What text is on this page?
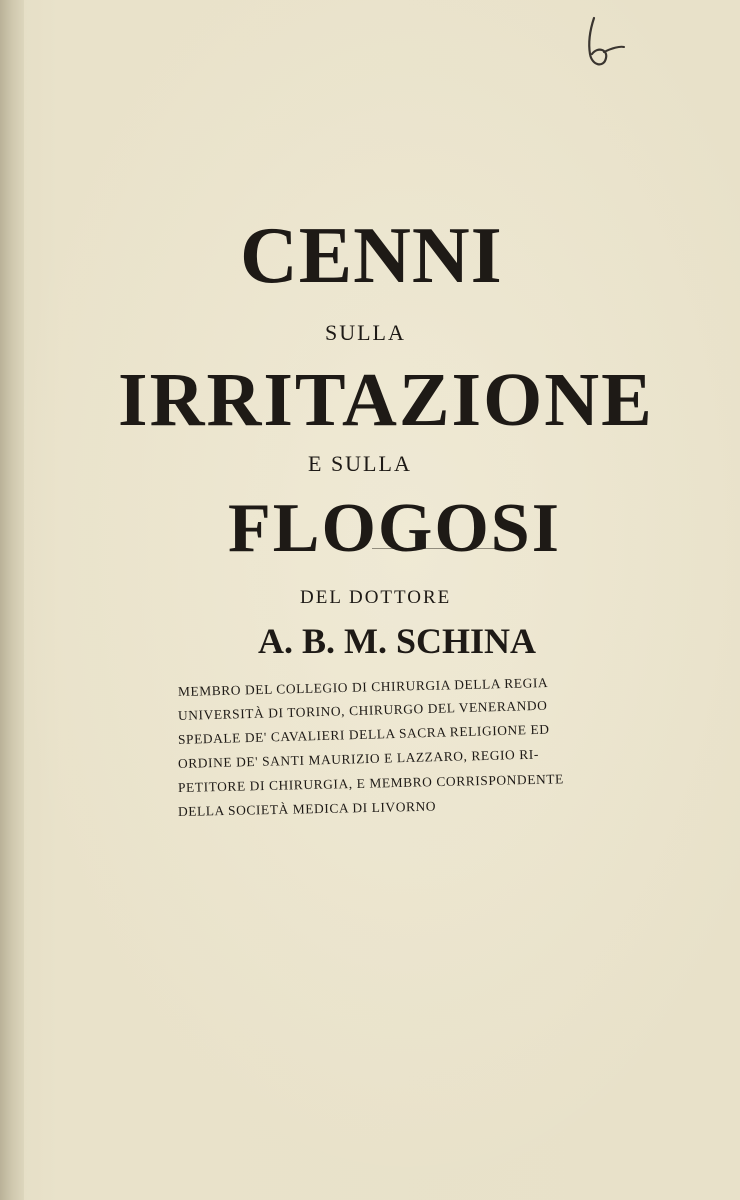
CENNI
SULLA
IRRITAZIONE
E SULLA
FLOGOSI
DEL DOTTORE
A. B. M. SCHINA
MEMBRO DEL COLLEGIO DI CHIRURGIA DELLA REGIA
UNIVERSITÀ DI TORINO, CHIRURGO DEL VENERANDO
SPEDALE DE' CAVALIERI DELLA SACRA RELIGIONE ED
ORDINE DE' SANTI MAURIZIO E LAZZARO, REGIO RI-
PETITORE DI CHIRURGIA, E MEMBRO CORRISPONDENTE
DELLA SOCIETÀ MEDICA DI LIVORNO
